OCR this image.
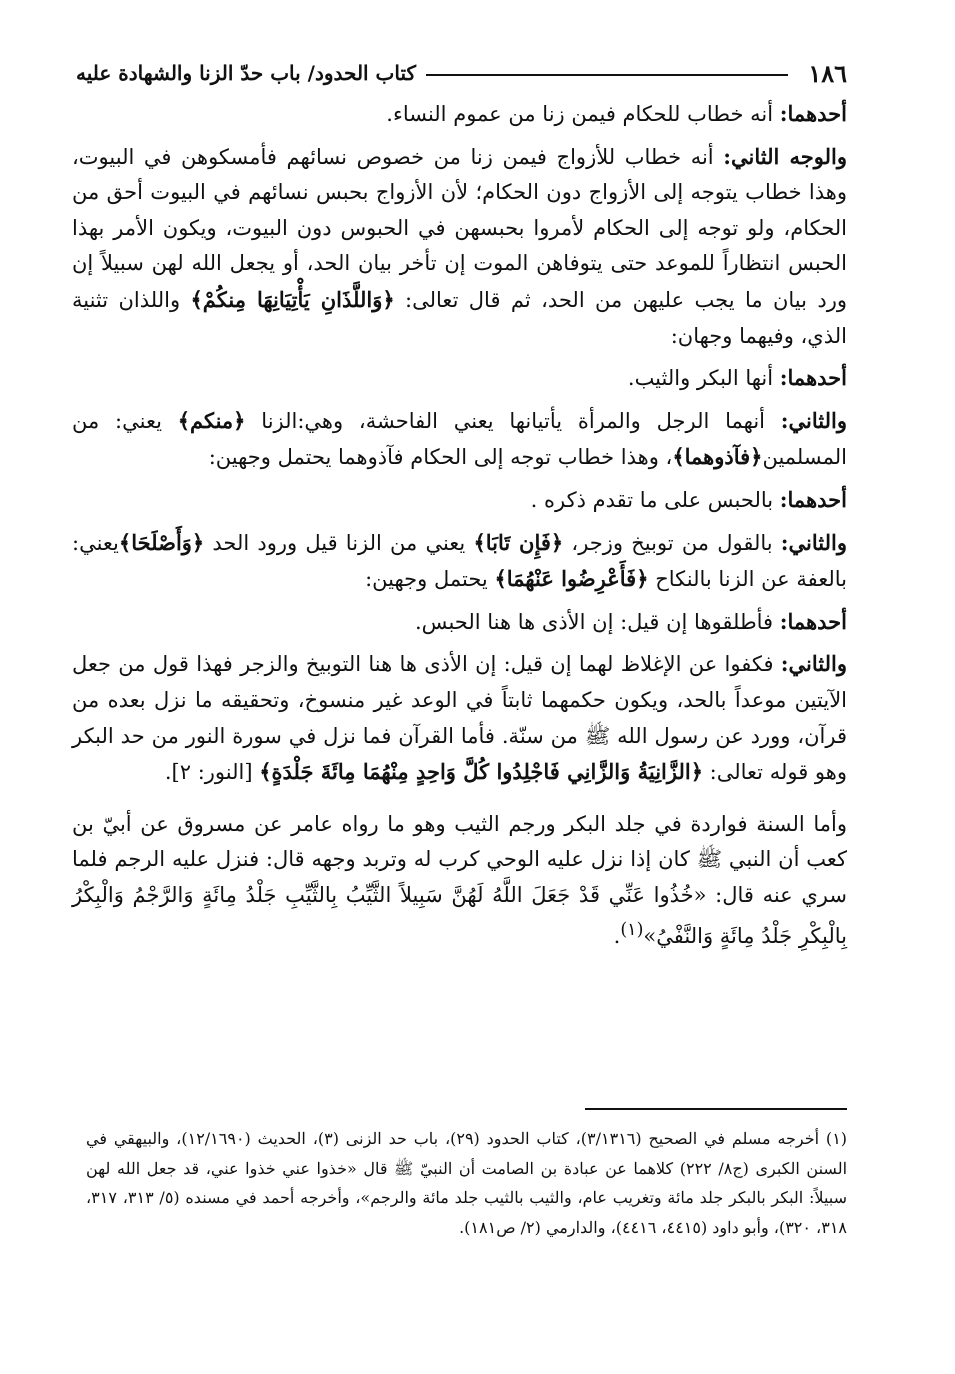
١٨٦
كتاب الحدود/ باب حدّ الزنا والشهادة عليه

أحدهما: أنه خطاب للحكام فيمن زنا من عموم النساء.

والوجه الثاني: أنه خطاب للأزواج فيمن زنا من خصوص نسائهم فأمسكوهن في البيوت، وهذا خطاب يتوجه إلى الأزواج دون الحكام؛ لأن الأزواج بحبس نسائهم في البيوت أحق من الحكام، ولو توجه إلى الحكام لأمروا بحبسهن في الحبوس دون البيوت، ويكون الأمر بهذا الحبس انتظاراً للموعد حتى يتوفاهن الموت إن تأخر بيان الحد، أو يجعل الله لهن سبيلاً إن ورد بيان ما يجب عليهن من الحد، ثم قال تعالى: ﴿وَاللَّذَانِ يَأْتِيَانِهَا مِنكُمْ﴾ واللذان تثنية الذي، وفيهما وجهان:

أحدهما: أنها البكر والثيب.

والثاني: أنهما الرجل والمرأة يأتيانها يعني الفاحشة، وهي:الزنا ﴿منكم﴾ يعني: من المسلمين﴿فآذوهما﴾، وهذا خطاب توجه إلى الحكام فآذوهما يحتمل وجهين:

أحدهما: بالحبس على ما تقدم ذكره .

والثاني: بالقول من توبيخ وزجر، ﴿فَإِن تَابَا﴾ يعني من الزنا قيل ورود الحد ﴿وَأَصْلَحَا﴾يعني: بالعفة عن الزنا بالنكاح ﴿فَأَعْرِضُوا عَنْهُمَا﴾ يحتمل وجهين:

أحدهما: فأطلقوها إن قيل: إن الأذى ها هنا الحبس.

والثاني: فكفوا عن الإغلاظ لهما إن قيل: إن الأذى ها هنا التوبيخ والزجر فهذا قول من جعل الآيتين موعداً بالحد، ويكون حكمهما ثابتاً في الوعد غير منسوخ، وتحقيقه ما نزل بعده من قرآن، وورد عن رسول الله ﷺ من سنّة. فأما القرآن فما نزل في سورة النور من حد البكر وهو قوله تعالى: ﴿الزَّانِيَةُ وَالزَّانِي فَاجْلِدُوا كُلَّ وَاحِدٍ مِنْهُمَا مِائَةَ جَلْدَةٍ﴾ [النور: ٢].

وأما السنة فواردة في جلد البكر ورجم الثيب وهو ما رواه عامر عن مسروق عن أبيّ بن كعب أن النبي ﷺ كان إذا نزل عليه الوحي كرب له وتربد وجهه قال: فنزل عليه الرجم فلما سري عنه قال: «خُذُوا عَنِّي قَدْ جَعَلَ اللَّهُ لَهُنَّ سَبِيلاً الثَّيِّبُ بِالثَّيِّبِ جَلْدُ مِائَةٍ وَالرَّجْمُ وَالْبِكْرُ بِالْبِكْرِ جَلْدُ مِائَةٍ وَالنَّفْيُ»$^{(١)}$.

(١) أخرجه مسلم في الصحيح (٣/١٣١٦)، كتاب الحدود (٢٩)، باب حد الزنى (٣)، الحديث (١٢/١٦٩٠)، والبيهقي في السنن الكبرى (ج٨/ ٢٢٢) كلاهما عن عبادة بن الصامت أن النبيّ ﷺ قال «خذوا عني خذوا عني، قد جعل الله لهن سبيلاً: البكر بالبكر جلد مائة وتغريب عام، والثيب بالثيب جلد مائة والرجم»، وأخرجه أحمد في مسنده (٥/ ٣١٣، ٣١٧، ٣١٨، ٣٢٠)، وأبو داود (٤٤١٥، ٤٤١٦)، والدارمي (٢/ ص١٨١).
